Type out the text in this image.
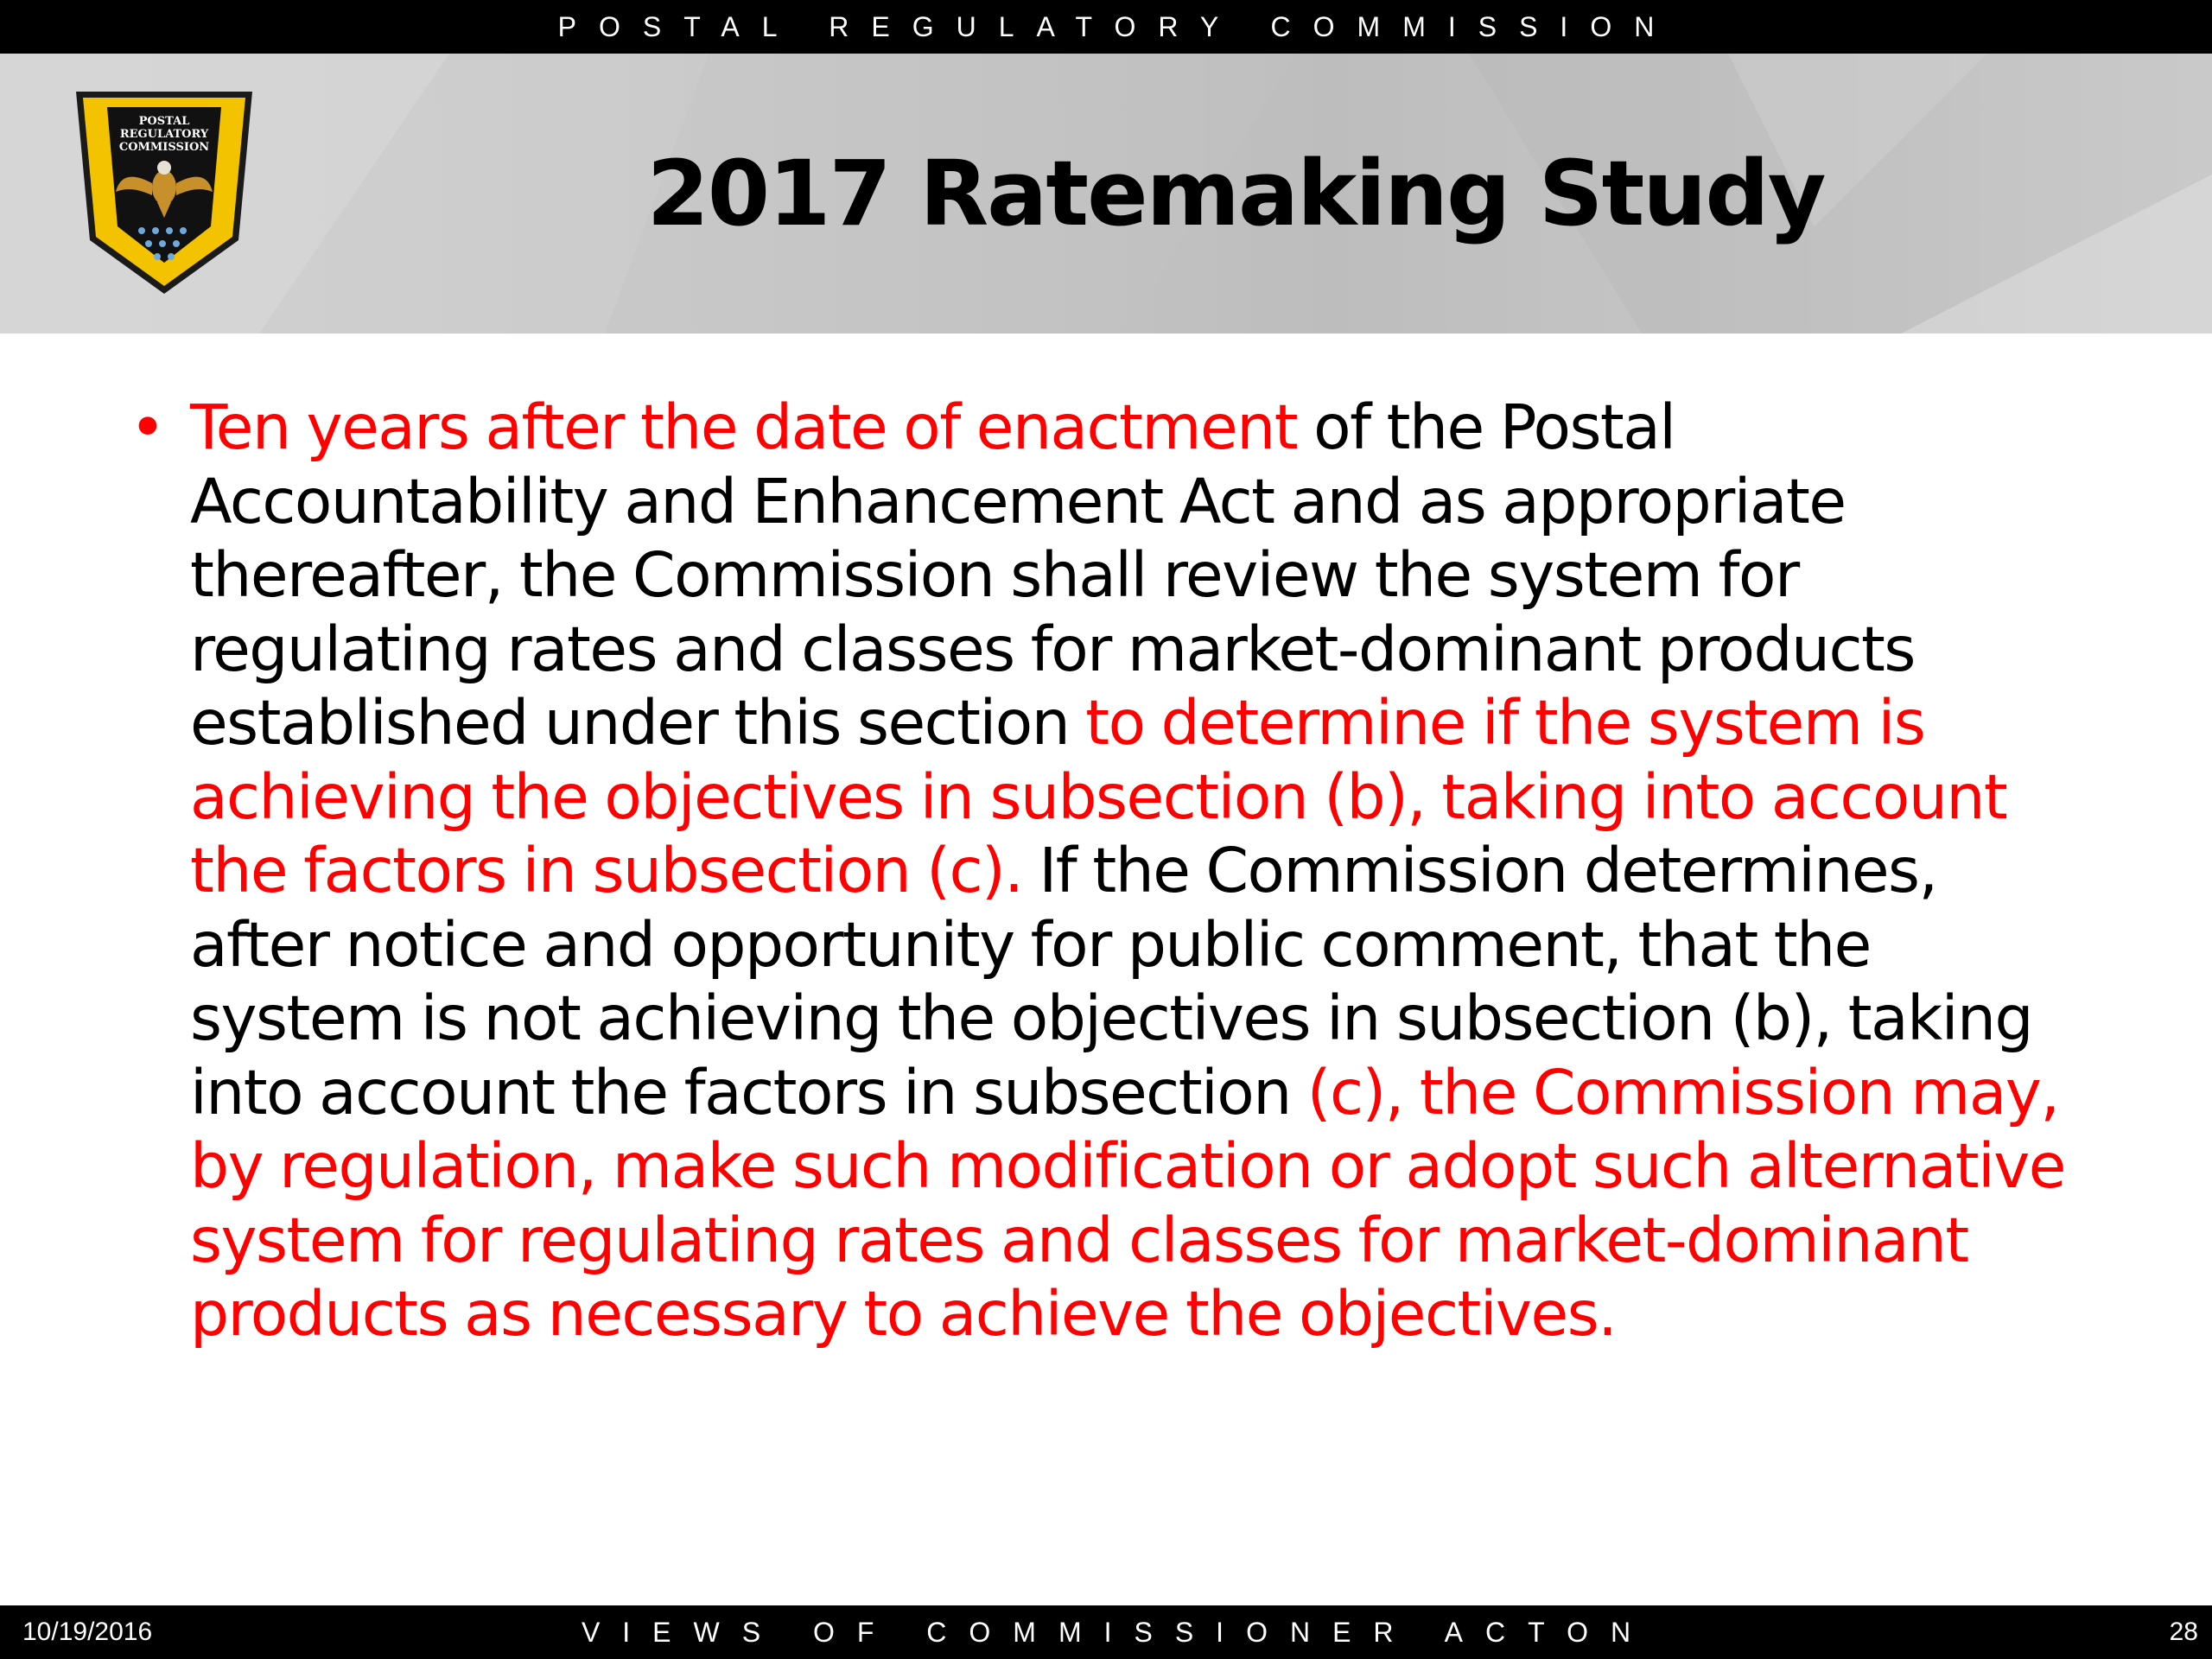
POSTAL REGULATORY COMMISSION
POSTAL
REGULATORY
COMMISSION	2017 Ratemaking Study
• Ten years after the date of enactment of the Postal Accountability and Enhancement Act and as appropriate thereafter, the Commission shall review the system for regulating rates and classes for market-dominant products established under this section to determine if the system is achieving the objectives in subsection (b), taking into account the factors in subsection (c). If the Commission determines, after notice and opportunity for public comment, that the system is not achieving the objectives in subsection (b), taking into account the factors in subsection (c), the Commission may, by regulation, make such modification or adopt such alternative system for regulating rates and classes for market-dominant products as necessary to achieve the objectives.
10/19/2016	VIEWS OF COMMISSIONER ACTON	28
